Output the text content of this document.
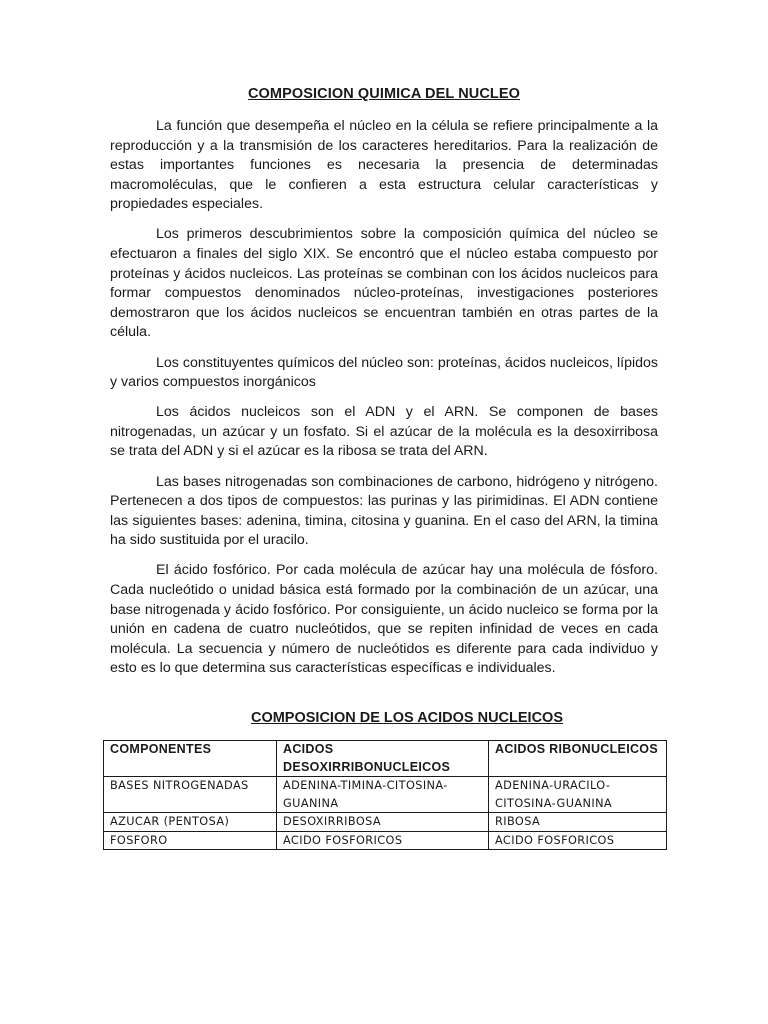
COMPOSICION QUIMICA DEL NUCLEO

La función que desempeña el núcleo en la célula se refiere principalmente a la reproducción y a la transmisión de los caracteres hereditarios. Para la realización de estas importantes funciones es necesaria la presencia de determinadas macromoléculas, que le confieren a esta estructura celular características y propiedades especiales.

Los primeros descubrimientos sobre la composición química del núcleo se efectuaron a finales del siglo XIX. Se encontró que el núcleo estaba compuesto por proteínas y ácidos nucleicos. Las proteínas se combinan con los ácidos nucleicos para formar compuestos denominados núcleo-proteínas, investigaciones posteriores demostraron que los ácidos nucleicos se encuentran también en otras partes de la célula.

Los constituyentes químicos del núcleo son: proteínas, ácidos nucleicos, lípidos y varios compuestos inorgánicos

Los ácidos nucleicos son el ADN y el ARN. Se componen de bases nitrogenadas, un azúcar y un fosfato. Si el azúcar de la molécula es la desoxirribosa se trata del ADN y si el azúcar es la ribosa se trata del ARN.

Las bases nitrogenadas son combinaciones de carbono, hidrógeno y nitrógeno. Pertenecen a dos tipos de compuestos: las purinas y las pirimidinas. El ADN contiene las siguientes bases: adenina, timina, citosina y guanina. En el caso del ARN, la timina ha sido sustituida por el uracilo.

El ácido fosfórico. Por cada molécula de azúcar hay una molécula de fósforo. Cada nucleótido o unidad básica está formado por la combinación de un azúcar, una base nitrogenada y ácido fosfórico. Por consiguiente, un ácido nucleico se forma por la unión en cadena de cuatro nucleótidos, que se repiten infinidad de veces en cada molécula. La secuencia y número de nucleótidos es diferente para cada individuo y esto es lo que determina sus características específicas e individuales.

COMPOSICION DE LOS ACIDOS NUCLEICOS
COMPONENTES	ACIDOS DESOXIRRIBONUCLEICOS	ACIDOS RIBONUCLEICOS
BASES NITROGENADAS	ADENINA-TIMINA-CITOSINA-GUANINA	ADENINA-URACILO-CITOSINA-GUANINA
AZUCAR (PENTOSA)	DESOXIRRIBOSA	RIBOSA
FOSFORO	ACIDO FOSFORICOS	ACIDO FOSFORICOS
